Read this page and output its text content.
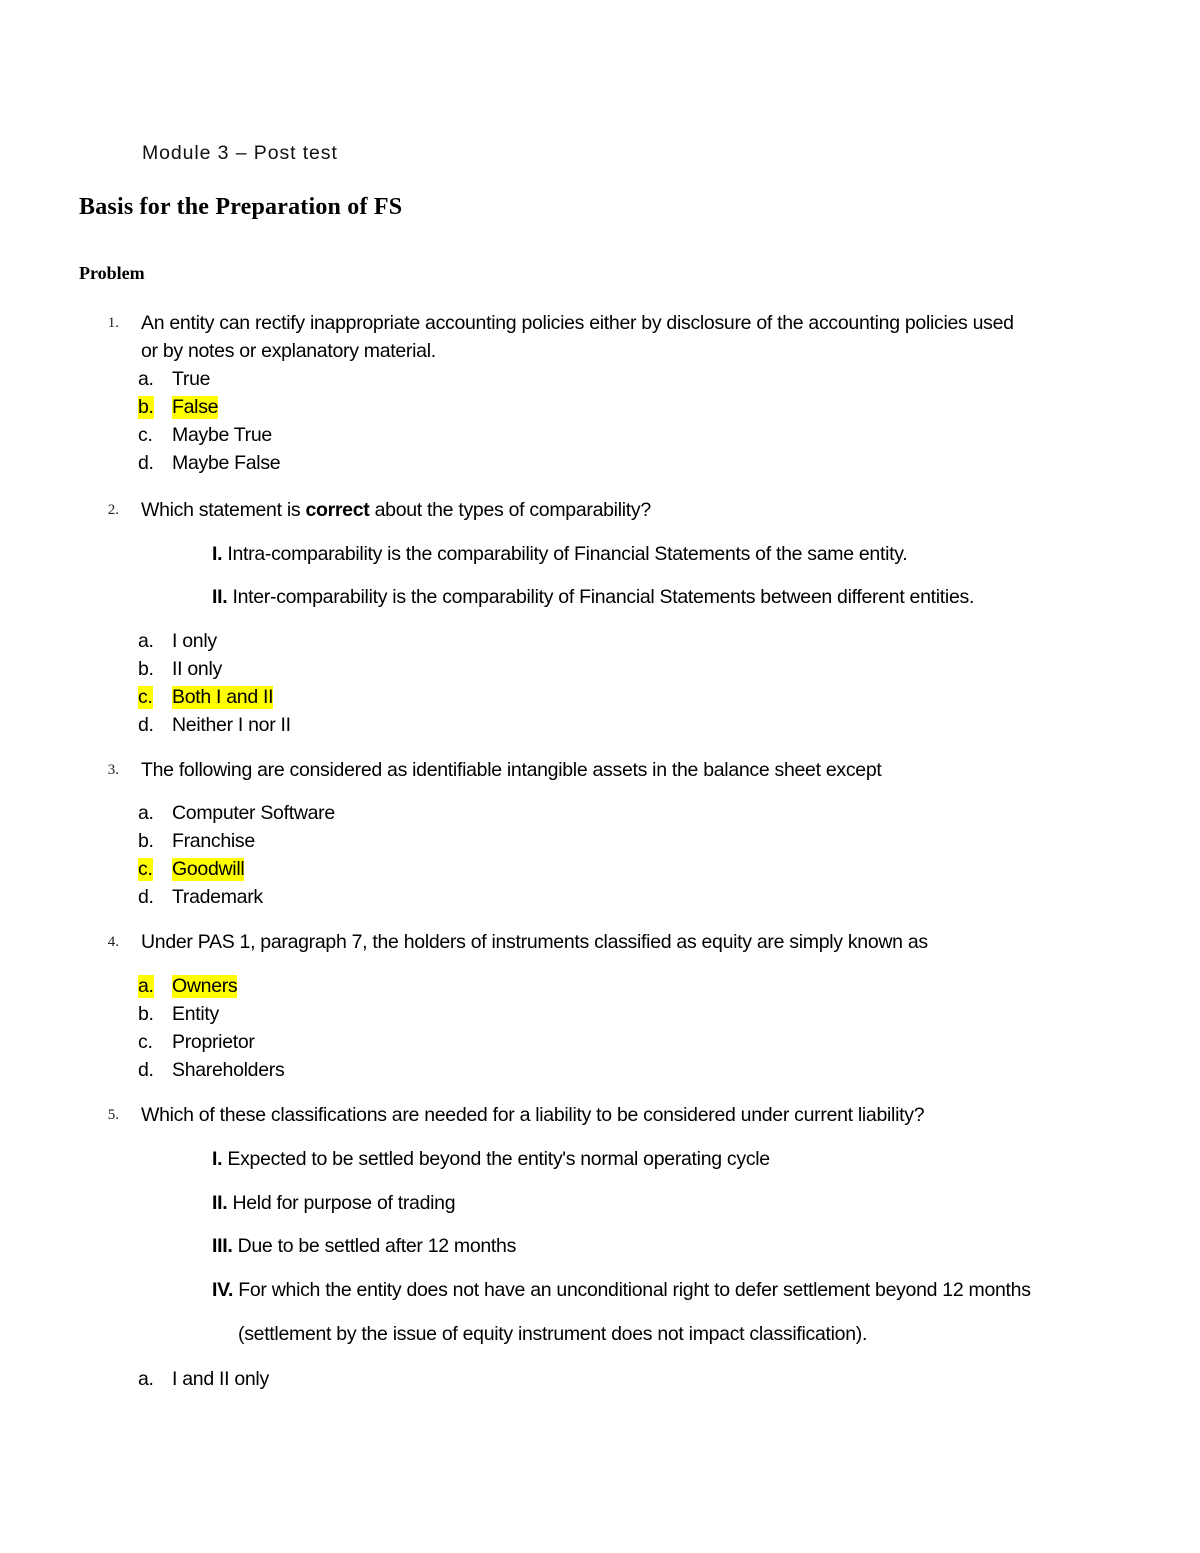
Module 3 – Post test
Basis for the Preparation of FS
Problem
1. An entity can rectify inappropriate accounting policies either by disclosure of the accounting policies used
or by notes or explanatory material.
a. True
b. False
c. Maybe True
d. Maybe False
2. Which statement is correct about the types of comparability?
I. Intra-comparability is the comparability of Financial Statements of the same entity.
II. Inter-comparability is the comparability of Financial Statements between different entities.
a. I only
b. II only
c. Both I and II
d. Neither I nor II
3. The following are considered as identifiable intangible assets in the balance sheet except
a. Computer Software
b. Franchise
c. Goodwill
d. Trademark
4. Under PAS 1, paragraph 7, the holders of instruments classified as equity are simply known as
a. Owners
b. Entity
c. Proprietor
d. Shareholders
5. Which of these classifications are needed for a liability to be considered under current liability?
I. Expected to be settled beyond the entity's normal operating cycle
II. Held for purpose of trading
III. Due to be settled after 12 months
IV. For which the entity does not have an unconditional right to defer settlement beyond 12 months
(settlement by the issue of equity instrument does not impact classification).
a. I and II only
